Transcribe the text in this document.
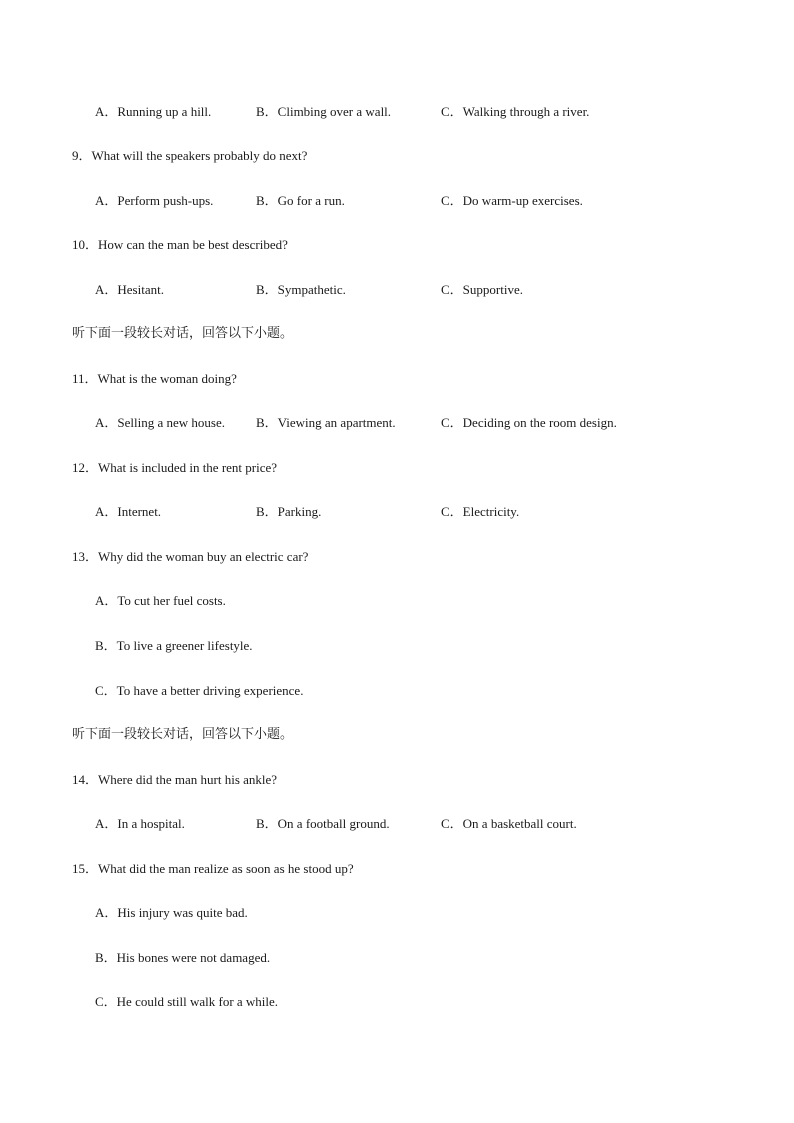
A．Running up a hill.	B．Climbing over a wall.	C．Walking through a river.
9．What will the speakers probably do next?
A．Perform push-ups.	B．Go for a run.	C．Do warm-up exercises.
10．How can the man be best described?
A．Hesitant.	B．Sympathetic.	C．Supportive.
听下面一段较长对话，回答以下小题。
11．What is the woman doing?
A．Selling a new house. B．Viewing an apartment.	C．Deciding on the room design.
12．What is included in the rent price?
A．Internet.	B．Parking.	C．Electricity.
13．Why did the woman buy an electric car?
A．To cut her fuel costs.
B．To live a greener lifestyle.
C．To have a better driving experience.
听下面一段较长对话，回答以下小题。
14．Where did the man hurt his ankle?
A．In a hospital.	B．On a football ground.	C．On a basketball court.
15．What did the man realize as soon as he stood up?
A．His injury was quite bad.
B．His bones were not damaged.
C．He could still walk for a while.
